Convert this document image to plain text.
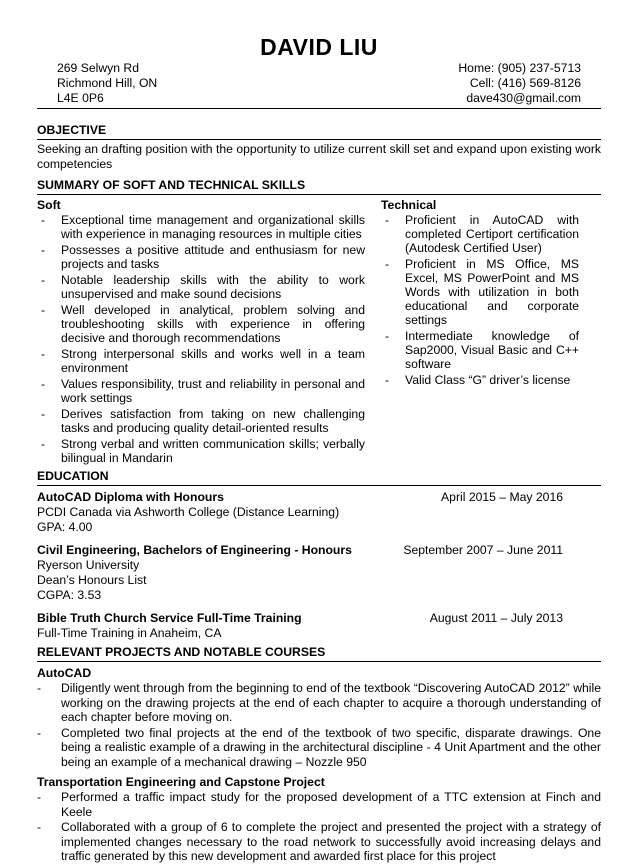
DAVID LIU
269 Selwyn Rd
Richmond Hill, ON
L4E 0P6
Home: (905) 237-5713
Cell: (416) 569-8126
dave430@gmail.com
OBJECTIVE
Seeking an drafting position with the opportunity to utilize current skill set and expand upon existing work competencies
SUMMARY OF SOFT AND TECHNICAL SKILLS
Soft
- Exceptional time management and organizational skills with experience in managing resources in multiple cities
- Possesses a positive attitude and enthusiasm for new projects and tasks
- Notable leadership skills with the ability to work unsupervised and make sound decisions
- Well developed in analytical, problem solving and troubleshooting skills with experience in offering decisive and thorough recommendations
- Strong interpersonal skills and works well in a team environment
- Values responsibility, trust and reliability in personal and work settings
- Derives satisfaction from taking on new challenging tasks and producing quality detail-oriented results
- Strong verbal and written communication skills; verbally bilingual in Mandarin
Technical
- Proficient in AutoCAD with completed Certiport certification (Autodesk Certified User)
- Proficient in MS Office, MS Excel, MS PowerPoint and MS Words with utilization in both educational and corporate settings
- Intermediate knowledge of Sap2000, Visual Basic and C++ software
- Valid Class “G” driver’s license
EDUCATION
AutoCAD Diploma with Honours	April 2015 – May 2016
PCDI Canada via Ashworth College (Distance Learning)
GPA: 4.00
Civil Engineering, Bachelors of Engineering - Honours	September 2007 – June 2011
Ryerson University
Dean’s Honours List
CGPA: 3.53
Bible Truth Church Service Full-Time Training	August 2011 – July 2013
Full-Time Training in Anaheim, CA
RELEVANT PROJECTS AND NOTABLE COURSES
AutoCAD
- Diligently went through from the beginning to end of the textbook “Discovering AutoCAD 2012” while working on the drawing projects at the end of each chapter to acquire a thorough understanding of each chapter before moving on.
- Completed two final projects at the end of the textbook of two specific, disparate drawings. One being a realistic example of a drawing in the architectural discipline - 4 Unit Apartment and the other being an example of a mechanical drawing – Nozzle 950
Transportation Engineering and Capstone Project
- Performed a traffic impact study for the proposed development of a TTC extension at Finch and Keele
- Collaborated with a group of 6 to complete the project and presented the project with a strategy of implemented changes necessary to the road network to successfully avoid increasing delays and traffic generated by this new development and awarded first place for this project
